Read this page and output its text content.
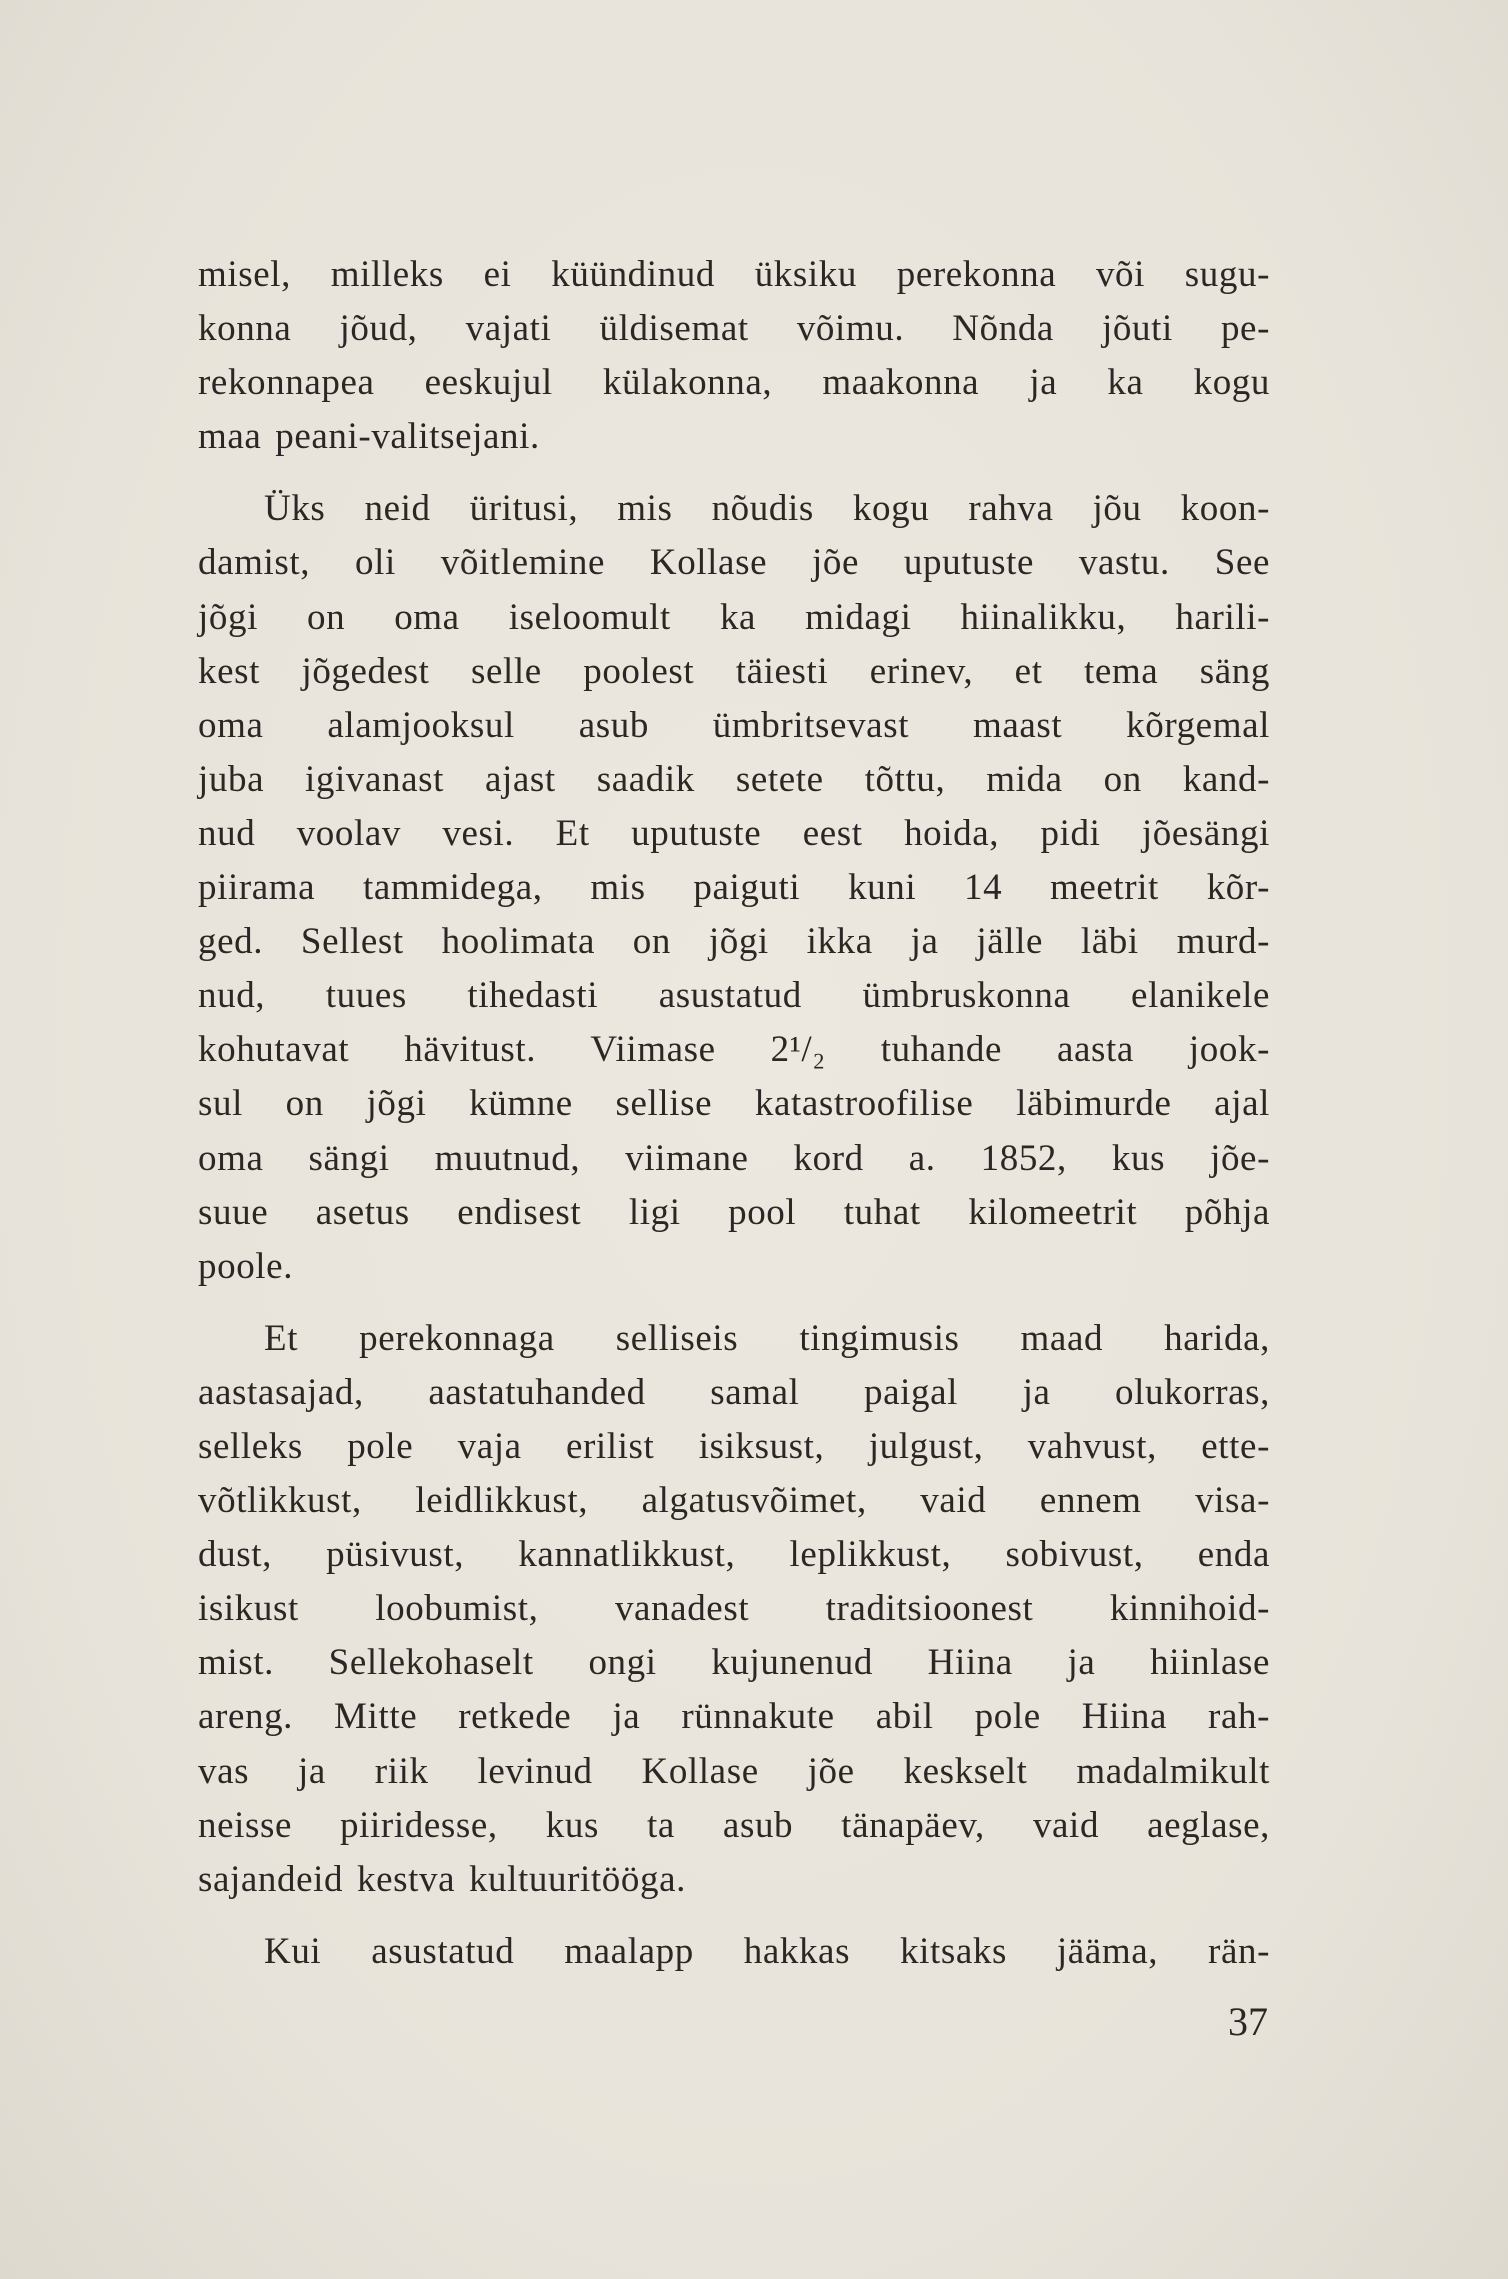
misel, milleks ei küündinud üksiku perekonna või sugu-
konna jõud, vajati üldisemat võimu. Nõnda jõuti pe-
rekonnapea eeskujul külakonna, maakonna ja ka kogu
maa peani-valitsejani.
Üks neid üritusi, mis nõudis kogu rahva jõu koon-
damist, oli võitlemine Kollase jõe uputuste vastu. See
jõgi on oma iseloomult ka midagi hiinalikku, harili-
kest jõgedest selle poolest täiesti erinev, et tema säng
oma alamjooksul asub ümbritsevast maast kõrgemal
juba igivanast ajast saadik setete tõttu, mida on kand-
nud voolav vesi. Et uputuste eest hoida, pidi jõesängi
piirama tammidega, mis paiguti kuni 14 meetrit kõr-
ged. Sellest hoolimata on jõgi ikka ja jälle läbi murd-
nud, tuues tihedasti asustatud ümbruskonna elanikele
kohutavat hävitust. Viimase 2¹/₂ tuhande aasta jook-
sul on jõgi kümne sellise katastroofilise läbimurde ajal
oma sängi muutnud, viimane kord a. 1852, kus jõe-
suue asetus endisest ligi pool tuhat kilomeetrit põhja
poole.
Et perekonnaga selliseis tingimusis maad harida,
aastasajad, aastatuhanded samal paigal ja olukorras,
selleks pole vaja erilist isiksust, julgust, vahvust, ette-
võtlikkust, leidlikkust, algatusvõimet, vaid ennem visa-
dust, püsivust, kannatlikkust, leplikkust, sobivust, enda
isikust loobumist, vanadest traditsioonest kinnihoid-
mist. Sellekohaselt ongi kujunenud Hiina ja hiinlase
areng. Mitte retkede ja rünnakute abil pole Hiina rah-
vas ja riik levinud Kollase jõe keskselt madalmikult
neisse piiridesse, kus ta asub tänapäev, vaid aeglase,
sajandeid kestva kultuuritööga.
Kui asustatud maalapp hakkas kitsaks jääma, rän-
37
